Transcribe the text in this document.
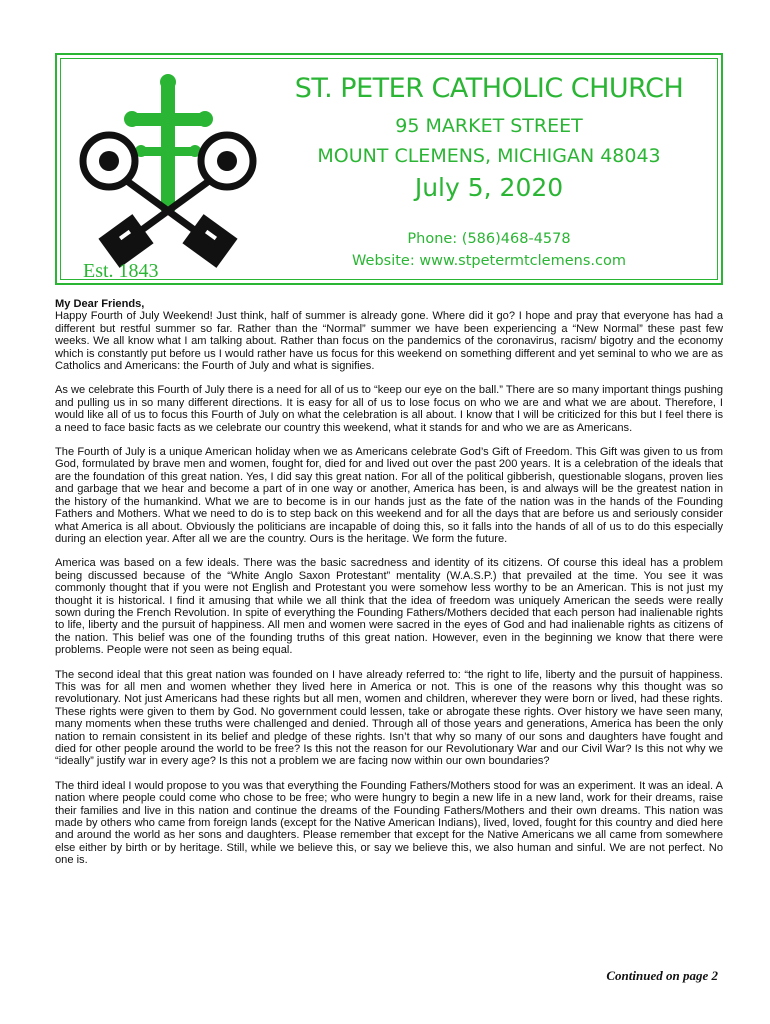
Est. 1843
ST. PETER CATHOLIC CHURCH
95 MARKET STREET
MOUNT CLEMENS, MICHIGAN 48043
July 5, 2020
Phone: (586)468-4578
Website: www.stpetermtclemens.com

My Dear Friends,
Happy Fourth of July Weekend! Just think, half of summer is already gone. Where did it go? I hope and pray that everyone has had a different but restful summer so far. Rather than the “Normal” summer we have been experiencing a “New Normal” these past few weeks. We all know what I am talking about. Rather than focus on the pandemics of the coronavirus, racism/ bigotry and the economy which is constantly put before us I would rather have us focus for this weekend on something different and yet seminal to who we are as Catholics and Americans: the Fourth of July and what is signifies.

As we celebrate this Fourth of July there is a need for all of us to “keep our eye on the ball.” There are so many important things pushing and pulling us in so many different directions. It is easy for all of us to lose focus on who we are and what we are about. Therefore, I would like all of us to focus this Fourth of July on what the celebration is all about. I know that I will be criticized for this but I feel there is a need to face basic facts as we celebrate our country this weekend, what it stands for and who we are as Americans.

The Fourth of July is a unique American holiday when we as Americans celebrate God’s Gift of Freedom. This Gift was given to us from God, formulated by brave men and women, fought for, died for and lived out over the past 200 years. It is a celebration of the ideals that are the foundation of this great nation. Yes, I did say this great nation. For all of the political gibberish, questionable slogans, proven lies and garbage that we hear and become a part of in one way or another, America has been, is and always will be the greatest nation in the history of the humankind. What we are to become is in our hands just as the fate of the nation was in the hands of the Founding Fathers and Mothers. What we need to do is to step back on this weekend and for all the days that are before us and seriously consider what America is all about. Obviously the politicians are incapable of doing this, so it falls into the hands of all of us to do this especially during an election year. After all we are the country. Ours is the heritage. We form the future.

America was based on a few ideals. There was the basic sacredness and identity of its citizens. Of course this ideal has a problem being discussed because of the “White Anglo Saxon Protestant” mentality (W.A.S.P.) that prevailed at the time. You see it was commonly thought that if you were not English and Protestant you were somehow less worthy to be an American. This is not just my thought it is historical. I find it amusing that while we all think that the idea of freedom was uniquely American the seeds were really sown during the French Revolution. In spite of everything the Founding Fathers/Mothers decided that each person had inalienable rights to life, liberty and the pursuit of happiness. All men and women were sacred in the eyes of God and had inalienable rights as citizens of the nation. This belief was one of the founding truths of this great nation. However, even in the beginning we know that there were problems. People were not seen as being equal.

The second ideal that this great nation was founded on I have already referred to: “the right to life, liberty and the pursuit of happiness. This was for all men and women whether they lived here in America or not. This is one of the reasons why this thought was so revolutionary. Not just Americans had these rights but all men, women and children, wherever they were born or lived, had these rights. These rights were given to them by God. No government could lessen, take or abrogate these rights. Over history we have seen many, many moments when these truths were challenged and denied. Through all of those years and generations, America has been the only nation to remain consistent in its belief and pledge of these rights. Isn’t that why so many of our sons and daughters have fought and died for other people around the world to be free? Is this not the reason for our Revolutionary War and our Civil War? Is this not why we “ideally” justify war in every age? Is this not a problem we are facing now within our own boundaries?

The third ideal I would propose to you was that everything the Founding Fathers/Mothers stood for was an experiment. It was an ideal. A nation where people could come who chose to be free; who were hungry to begin a new life in a new land, work for their dreams, raise their families and live in this nation and continue the dreams of the Founding Fathers/Mothers and their own dreams. This nation was made by others who came from foreign lands (except for the Native American Indians), lived, loved, fought for this country and died here and around the world as her sons and daughters. Please remember that except for the Native Americans we all came from somewhere else either by birth or by heritage. Still, while we believe this, or say we believe this, we also human and sinful. We are not perfect. No one is.

Continued on page 2
